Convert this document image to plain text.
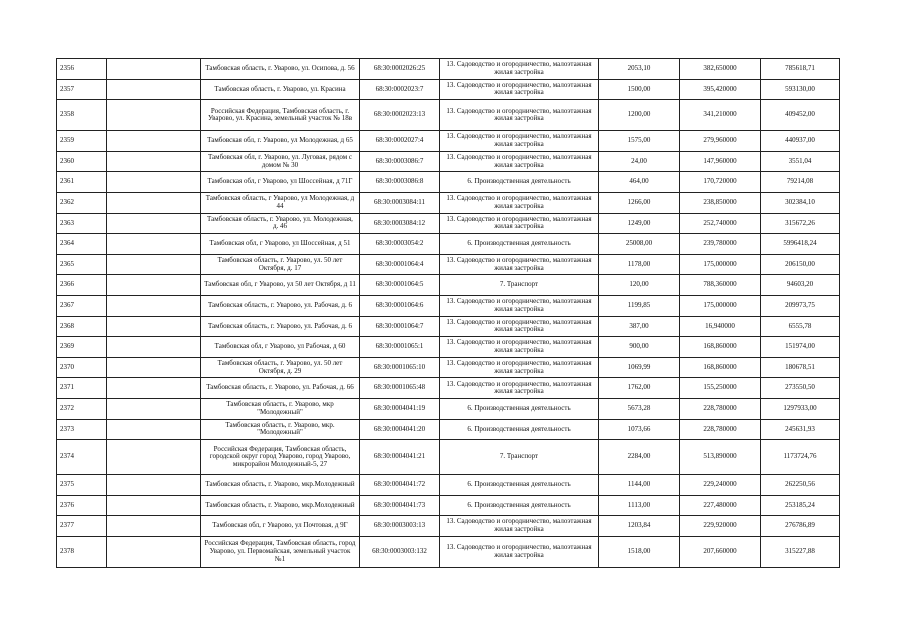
2356		Тамбовская область, г. Уварово, ул. Осипова, д. 56	68:30:0002026:25	13. Садоводство и огородничество, малоэтажная жилая застройка	2053,10	382,650000	785618,71
2357		Тамбовская область, г. Уварово, ул. Красина	68:30:0002023:7	13. Садоводство и огородничество, малоэтажная жилая застройка	1500,00	395,420000	593130,00
2358		Российская Федерация, Тамбовская область, г. Уварово, ул. Красина, земельный участок № 18в	68:30:0002023:13	13. Садоводство и огородничество, малоэтажная жилая застройка	1200,00	341,210000	409452,00
2359		Тамбовская обл, г. Уварово, ул Молодежная, д 65	68:30:0002027:4	13. Садоводство и огородничество, малоэтажная жилая застройка	1575,00	279,960000	440937,00
2360		Тамбовская обл, г. Уварово, ул. Луговая, рядом с домом № 30	68:30:0003086:7	13. Садоводство и огородничество, малоэтажная жилая застройка	24,00	147,960000	3551,04
2361		Тамбовская обл, г Уварово, ул Шоссейная, д 71Г	68:30:0003086:8	6. Производственная деятельность	464,00	170,720000	79214,08
2362		Тамбовская область, г Уварово, ул Молодежная, д 44	68:30:0003084:11	13. Садоводство и огородничество, малоэтажная жилая застройка	1266,00	238,850000	302384,10
2363		Тамбовская область, г. Уварово, ул. Молодежная, д. 46	68:30:0003084:12	13. Садоводство и огородничество, малоэтажная жилая застройка	1249,00	252,740000	315672,26
2364		Тамбовская обл, г Уварово, ул Шоссейная, д 51	68:30:0003054:2	6. Производственная деятельность	25008,00	239,780000	5996418,24
2365		Тамбовская область, г. Уварово, ул. 50 лет Октября, д. 17	68:30:0001064:4	13. Садоводство и огородничество, малоэтажная жилая застройка	1178,00	175,000000	206150,00
2366		Тамбовская обл, г Уварово, ул 50 лет Октября, д 11	68:30:0001064:5	7. Транспорт	120,00	788,360000	94603,20
2367		Тамбовская область, г. Уварово, ул. Рабочая, д. 6	68:30:0001064:6	13. Садоводство и огородничество, малоэтажная жилая застройка	1199,85	175,000000	209973,75
2368		Тамбовская область, г. Уварово, ул. Рабочая, д. 6	68:30:0001064:7	13. Садоводство и огородничество, малоэтажная жилая застройка	387,00	16,940000	6555,78
2369		Тамбовская обл, г Уварово, ул Рабочая, д 60	68:30:0001065:1	13. Садоводство и огородничество, малоэтажная жилая застройка	900,00	168,860000	151974,00
2370		Тамбовская область, г. Уварово, ул. 50 лет Октября, д. 29	68:30:0001065:10	13. Садоводство и огородничество, малоэтажная жилая застройка	1069,99	168,860000	180678,51
2371		Тамбовская область, г. Уварово, ул. Рабочая, д. 66	68:30:0001065:48	13. Садоводство и огородничество, малоэтажная жилая застройка	1762,00	155,250000	273550,50
2372		Тамбовская область, г. Уварово, мкр "Молодежный"	68:30:0004041:19	6. Производственная деятельность	5673,28	228,780000	1297933,00
2373		Тамбовская область, г. Уварово, мкр. "Молодежный"	68:30:0004041:20	6. Производственная деятельность	1073,66	228,780000	245631,93
2374		Российская Федерация, Тамбовская область, городской округ город Уварово, город Уварово, микрорайон Молодежный-5, 27	68:30:0004041:21	7. Транспорт	2284,00	513,890000	1173724,76
2375		Тамбовская область, г. Уварово, мкр.Молодежный	68:30:0004041:72	6. Производственная деятельность	1144,00	229,240000	262250,56
2376		Тамбовская область, г. Уварово, мкр.Молодежный	68:30:0004041:73	6. Производственная деятельность	1113,00	227,480000	253185,24
2377		Тамбовская обл, г Уварово, ул Почтовая, д 9Г	68:30:0003003:13	13. Садоводство и огородничество, малоэтажная жилая застройка	1203,84	229,920000	276786,89
2378		Российская Федерация, Тамбовская область, город Уварово, ул. Первомайская, земельный участок №1	68:30:0003003:132	13. Садоводство и огородничество, малоэтажная жилая застройка	1518,00	207,660000	315227,88
